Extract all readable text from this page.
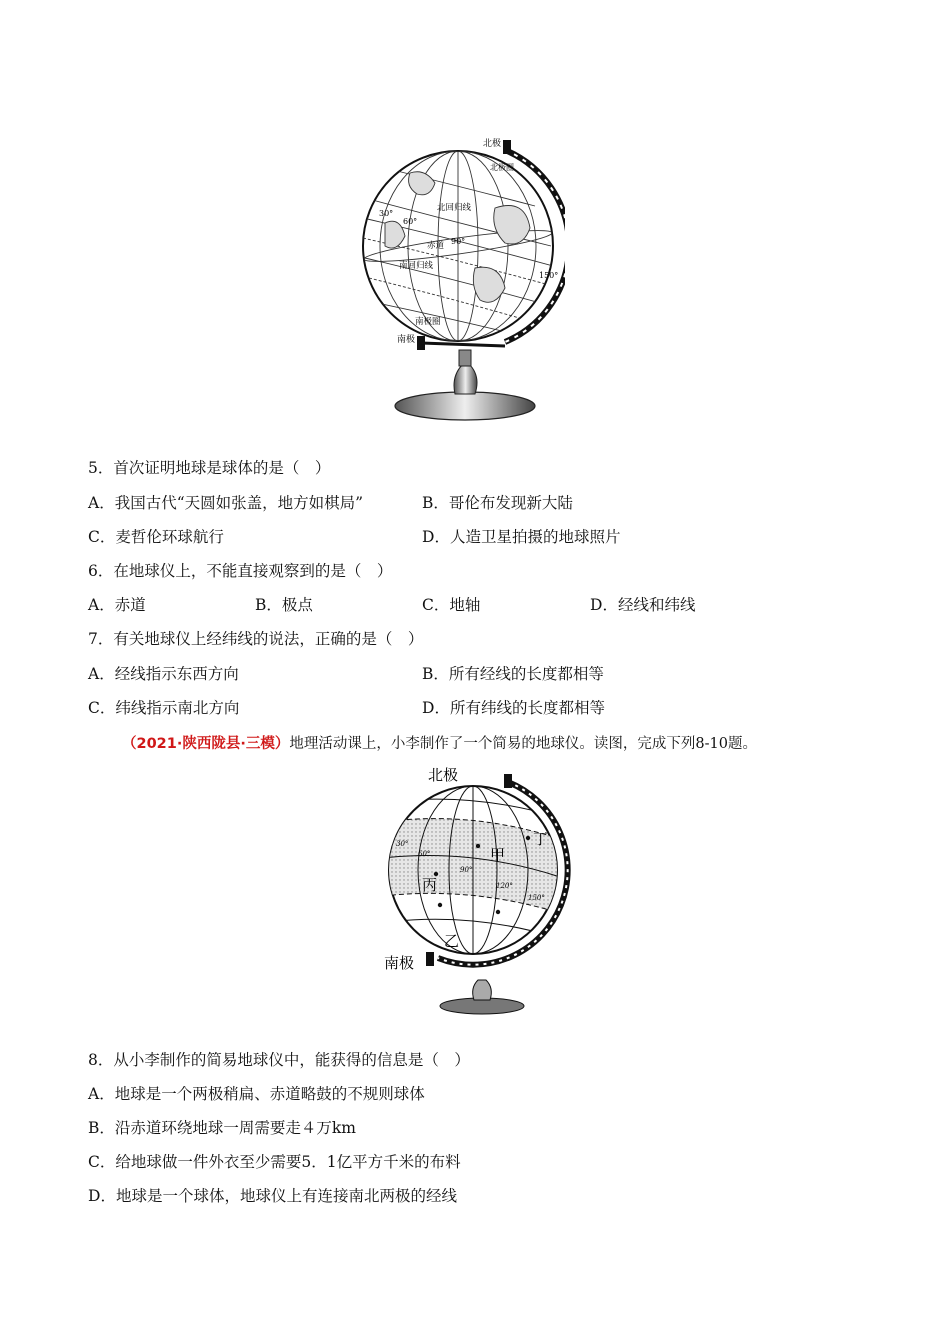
北极
北极圈
北回归线
赤道
南回归线
南极圈
南极
30°
60°
90°
150°
5．首次证明地球是球体的是（　）
A．我国古代“天圆如张盖，地方如棋局”	B．哥伦布发现新大陆
C．麦哲伦环球航行	D．人造卫星拍摄的地球照片
6．在地球仪上，不能直接观察到的是（　）
A．赤道	B．极点	C．地轴	D．经线和纬线
7．有关地球仪上经纬线的说法，正确的是（　）
A．经线指示东西方向	B．所有经线的长度都相等
C．纬线指示南北方向	D．所有纬线的长度都相等
（2021·陕西陇县·三模）地理活动课上，小李制作了一个简易的地球仪。读图，完成下列8-10题。
北极
南极
甲
乙
丙
丁
30°
60°
90°
120°
150°
8．从小李制作的简易地球仪中，能获得的信息是（　）
A．地球是一个两极稍扁、赤道略鼓的不规则球体
B．沿赤道环绕地球一周需要走４万km
C．给地球做一件外衣至少需要5．1亿平方千米的布料
D．地球是一个球体，地球仪上有连接南北两极的经线
